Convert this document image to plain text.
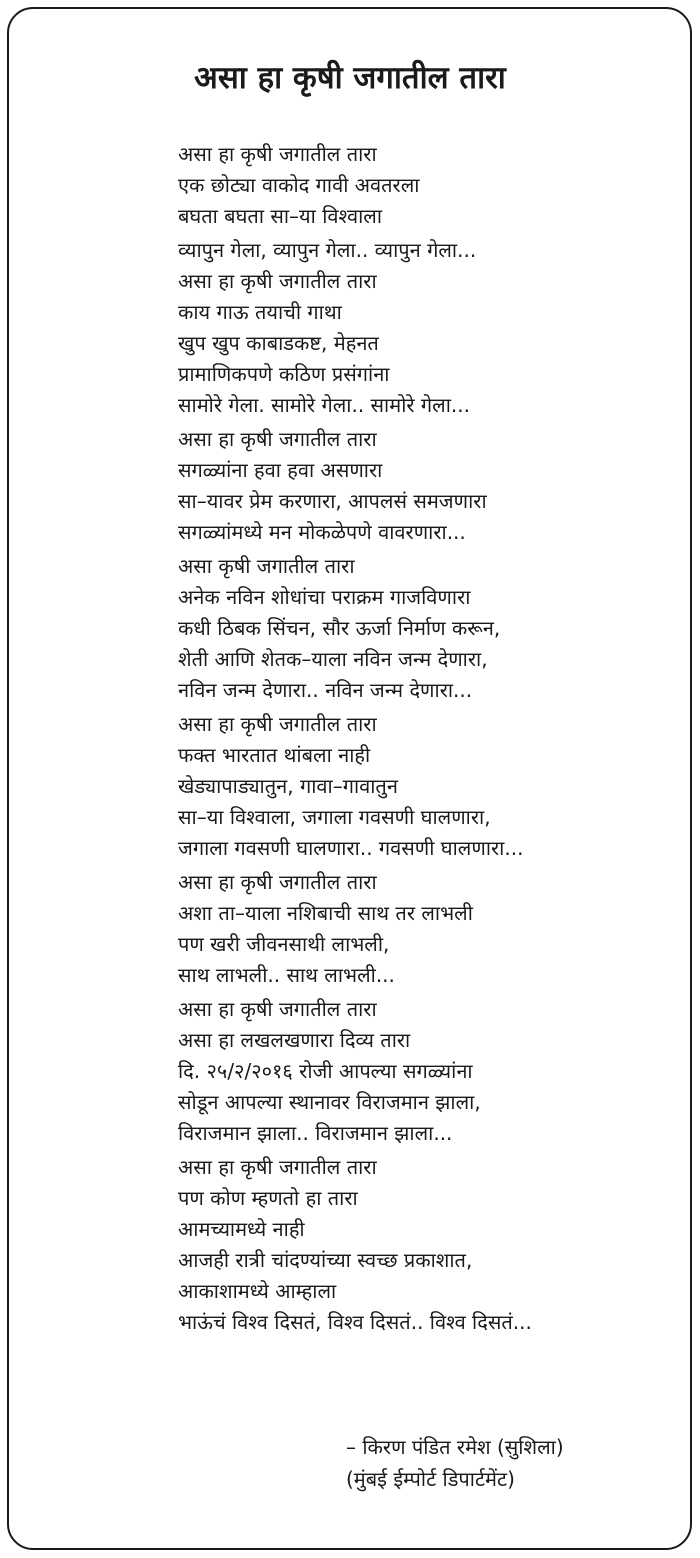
असा हा कृषी जगातील तारा
असा हा कृषी जगातील तारा
एक छोट्या वाकोद गावी अवतरला
बघता बघता सा–या विश्वाला
व्यापुन गेला, व्यापुन गेला.. व्यापुन गेला...
असा हा कृषी जगातील तारा
काय गाऊ तयाची गाथा
खुप खुप काबाडकष्ट, मेहनत
प्रामाणिकपणे कठिण प्रसंगांना
सामोरे गेला. सामोरे गेला.. सामोरे गेला...
असा हा कृषी जगातील तारा
सगळ्यांना हवा हवा असणारा
सा–यावर प्रेम करणारा, आपलसं समजणारा
सगळ्यांमध्ये मन मोकळेपणे वावरणारा...
असा कृषी जगातील तारा
अनेक नविन शोधांचा पराक्रम गाजविणारा
कधी ठिबक सिंचन, सौर ऊर्जा निर्माण करून,
शेती आणि शेतक–याला नविन जन्म देणारा,
नविन जन्म देणारा.. नविन जन्म देणारा...
असा हा कृषी जगातील तारा
फक्त भारतात थांबला नाही
खेड्यापाड्यातुन, गावा–गावातुन
सा–या विश्वाला, जगाला गवसणी घालणारा,
जगाला गवसणी घालणारा.. गवसणी घालणारा...
असा हा कृषी जगातील तारा
अशा ता–याला नशिबाची साथ तर लाभली
पण खरी जीवनसाथी लाभली,
साथ लाभली.. साथ लाभली...
असा हा कृषी जगातील तारा
असा हा लखलखणारा दिव्य तारा
दि. २५/२/२०१६ रोजी आपल्या सगळ्यांना
सोडून आपल्या स्थानावर विराजमान झाला,
विराजमान झाला.. विराजमान झाला...
असा हा कृषी जगातील तारा
पण कोण म्हणतो हा तारा
आमच्यामध्ये नाही
आजही रात्री चांदण्यांच्या स्वच्छ प्रकाशात,
आकाशामध्ये आम्हाला
भाऊंचं विश्व दिसतं, विश्व दिसतं.. विश्व दिसतं...
– किरण पंडित रमेश (सुशिला)
(मुंबई ईम्पोर्ट डिपार्टमेंट)
